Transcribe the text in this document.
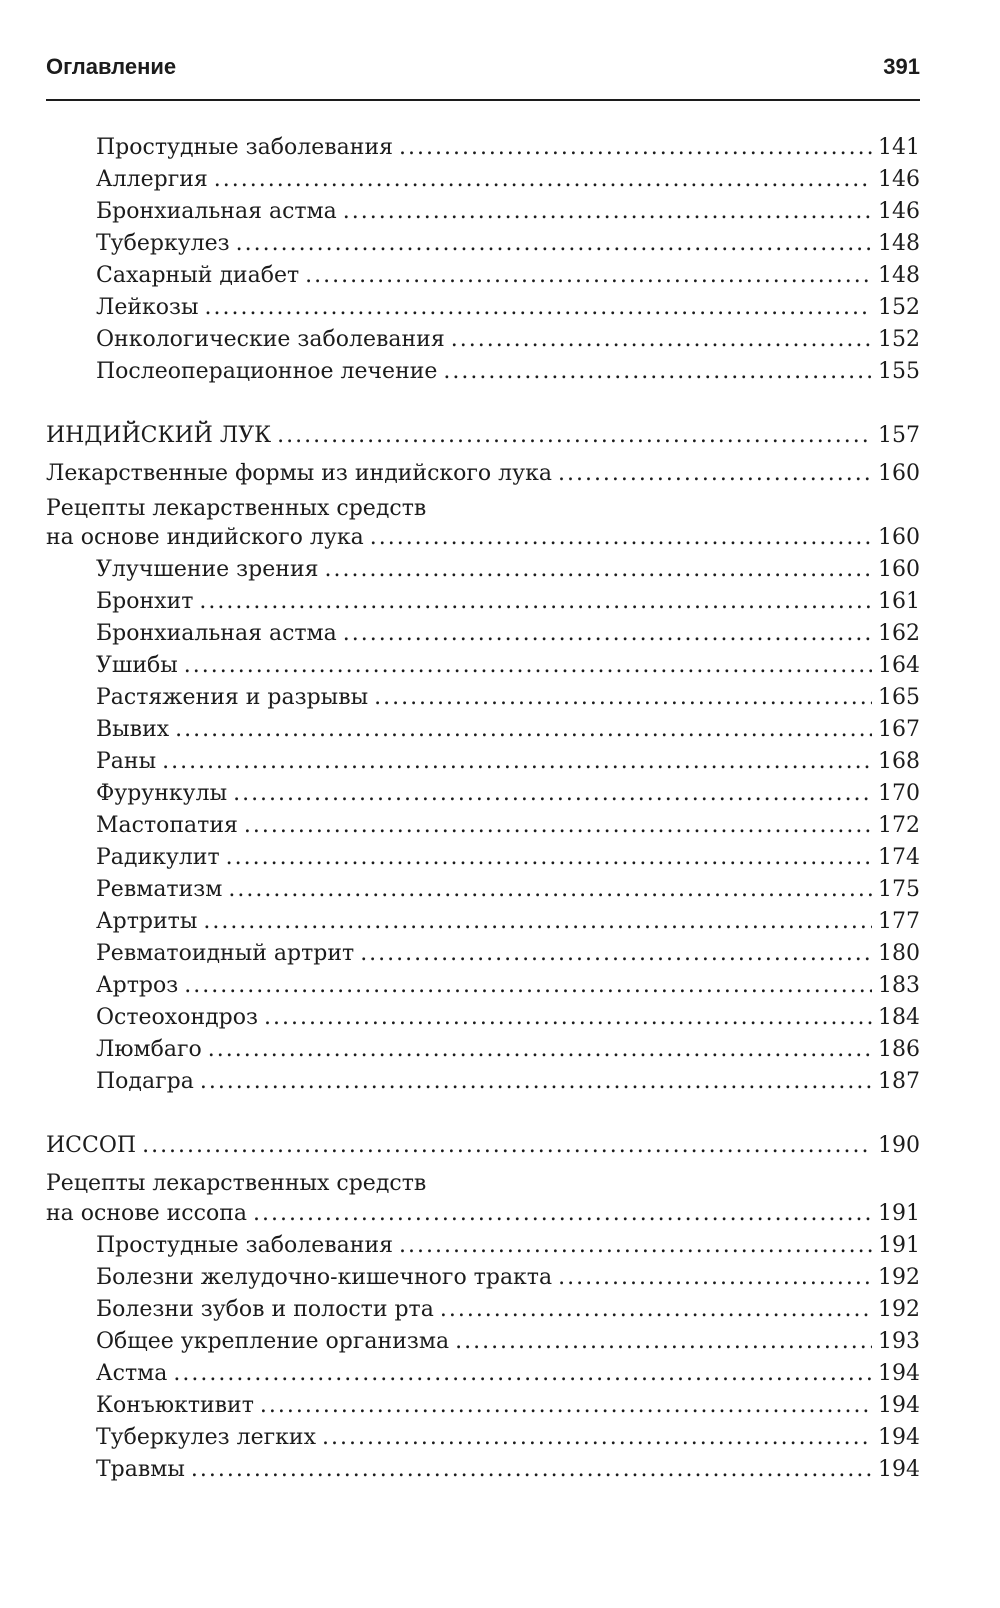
Оглавление	391
Простудные заболевания .....	141
Аллергия .....	146
Бронхиальная астма .....	146
Туберкулез .....	148
Сахарный диабет .....	148
Лейкозы .....	152
Онкологические заболевания .....	152
Послеоперационное лечение .....	155
ИНДИЙСКИЙ ЛУК .....	157
Лекарственные формы из индийского лука .....	160
Рецепты лекарственных средств
на основе индийского лука .....	160
Улучшение зрения .....	160
Бронхит .....	161
Бронхиальная астма .....	162
Ушибы .....	164
Растяжения и разрывы .....	165
Вывих .....	167
Раны .....	168
Фурункулы .....	170
Мастопатия .....	172
Радикулит .....	174
Ревматизм .....	175
Артриты .....	177
Ревматоидный артрит .....	180
Артроз .....	183
Остеохондроз .....	184
Люмбаго .....	186
Подагра .....	187
ИССОП .....	190
Рецепты лекарственных средств
на основе иссопа .....	191
Простудные заболевания .....	191
Болезни желудочно-кишечного тракта .....	192
Болезни зубов и полости рта .....	192
Общее укрепление организма .....	193
Астма .....	194
Конъюктивит .....	194
Туберкулез легких .....	194
Травмы .....	194
